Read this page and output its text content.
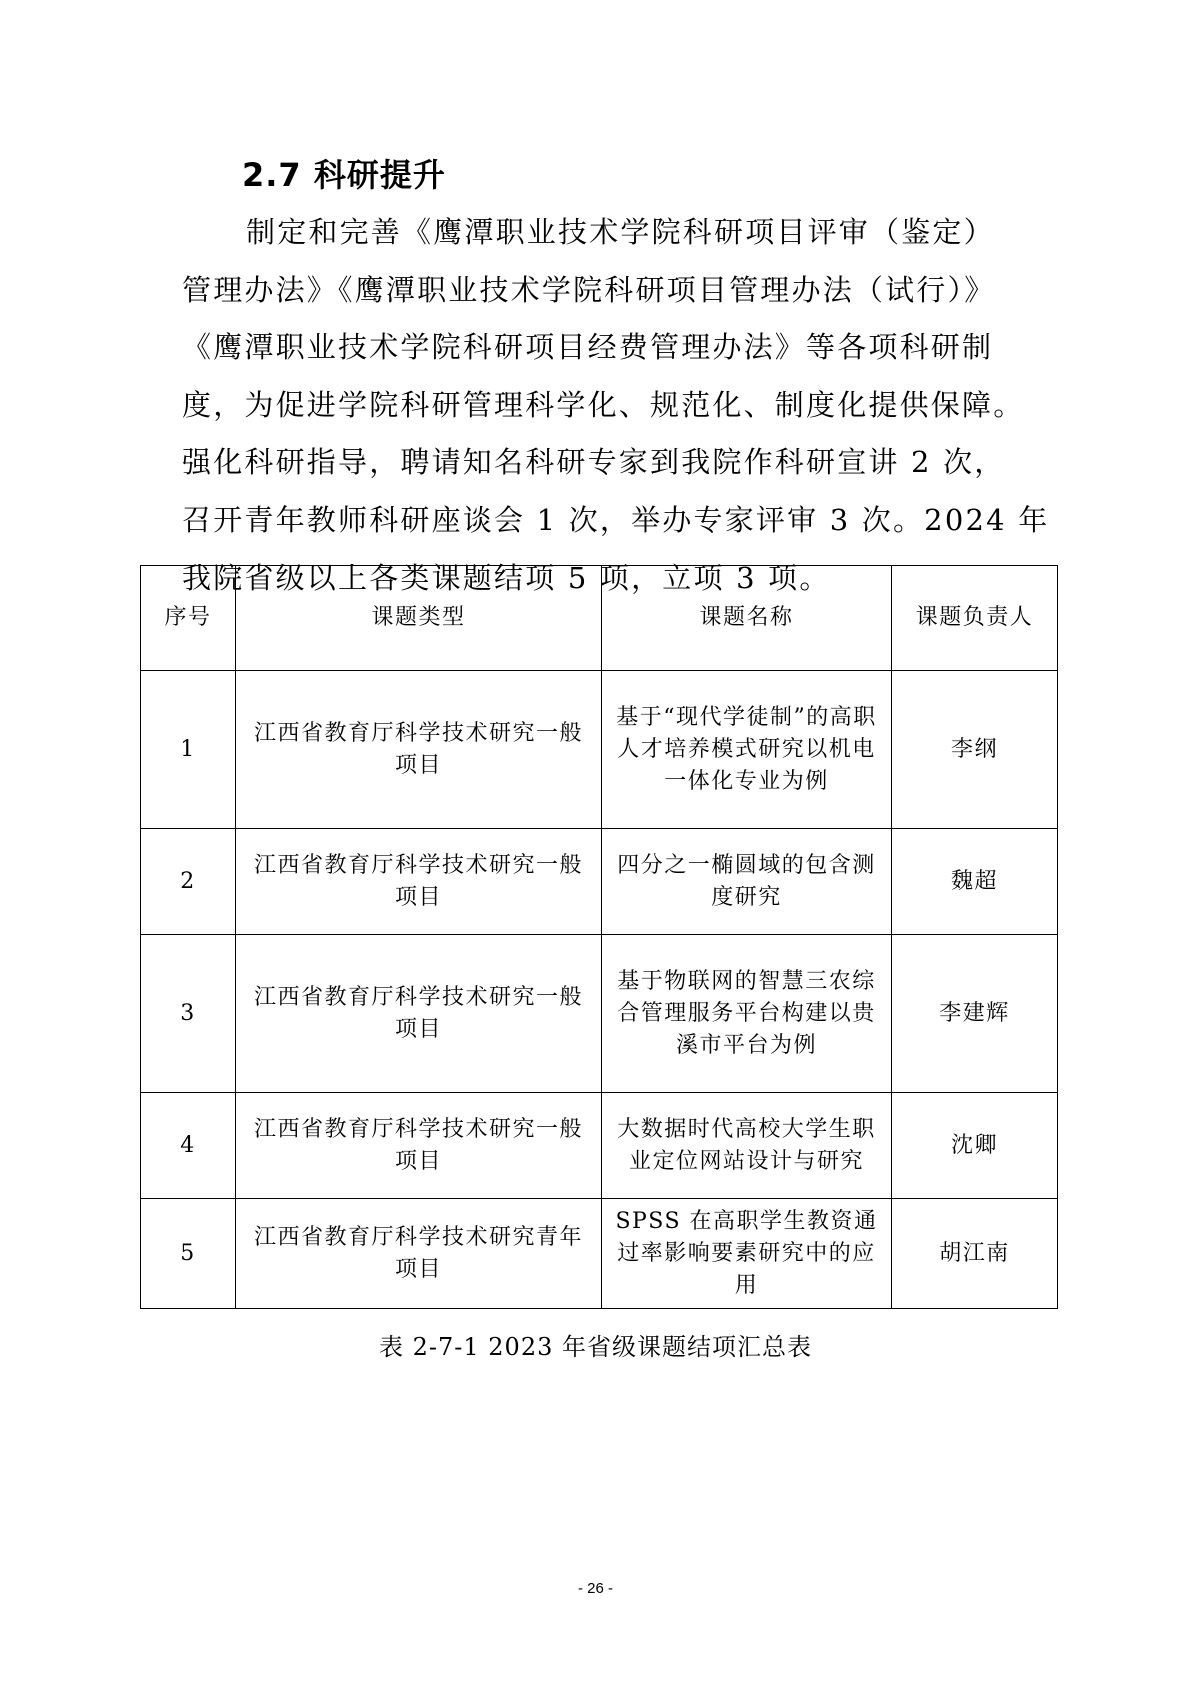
2.7 科研提升

制定和完善《鹰潭职业技术学院科研项目评审（鉴定）
管理办法》《鹰潭职业技术学院科研项目管理办法（试行）》
《鹰潭职业技术学院科研项目经费管理办法》等各项科研制
度，为促进学院科研管理科学化、规范化、制度化提供保障。
强化科研指导，聘请知名科研专家到我院作科研宣讲 2 次，
召开青年教师科研座谈会 1 次，举办专家评审 3 次。2024 年
我院省级以上各类课题结项 5 项，立项 3 项。

序号	课题类型	课题名称	课题负责人
1	江西省教育厅科学技术研究一般项目	基于“现代学徒制”的高职人才培养模式研究以机电一体化专业为例	李纲
2	江西省教育厅科学技术研究一般项目	四分之一椭圆域的包含测度研究	魏超
3	江西省教育厅科学技术研究一般项目	基于物联网的智慧三农综合管理服务平台构建以贵溪市平台为例	李建辉
4	江西省教育厅科学技术研究一般项目	大数据时代高校大学生职业定位网站设计与研究	沈卿
5	江西省教育厅科学技术研究青年项目	SPSS 在高职学生教资通过率影响要素研究中的应用	胡江南
表 2-7-1 2023 年省级课题结项汇总表
- 26 -
